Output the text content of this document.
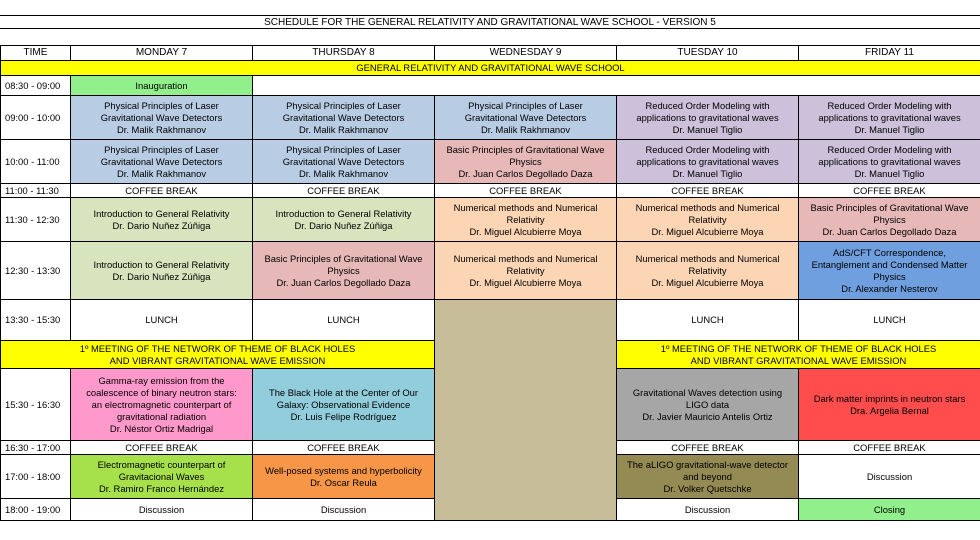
SCHEDULE FOR THE GENERAL RELATIVITY AND GRAVITATIONAL WAVE SCHOOL - VERSION 5
TIME	MONDAY 7	THURSDAY 8	WEDNESDAY 9	TUESDAY 10	FRIDAY 11
GENERAL RELATIVITY AND GRAVITATIONAL WAVE SCHOOL					
08:30 - 09:00	Inauguration				

09:00 - 10:00	Physical Principles of Laser
Gravitational Wave Detectors
Dr. Malik Rakhmanov	Physical Principles of Laser
Gravitational Wave Detectors
Dr. Malik Rakhmanov	Physical Principles of Laser
Gravitational Wave Detectors
Dr. Malik Rakhmanov	Reduced Order Modeling with
applications to gravitational waves
Dr. Manuel Tiglio	Reduced Order Modeling with
applications to gravitational waves
Dr. Manuel Tiglio

10:00 - 11:00	Physical Principles of Laser
Gravitational Wave Detectors
Dr. Malik Rakhmanov	Physical Principles of Laser
Gravitational Wave Detectors
Dr. Malik Rakhmanov	Basic Principles of Gravitational Wave
Physics
Dr. Juan Carlos Degollado Daza	Reduced Order Modeling with
applications to gravitational waves
Dr. Manuel Tiglio	Reduced Order Modeling with
applications to gravitational waves
Dr. Manuel Tiglio

11:00 - 11:30	COFFEE BREAK	COFFEE BREAK	COFFEE BREAK	COFFEE BREAK	COFFEE BREAK
11:30 - 12:30	Introduction to General Relativity
Dr. Dario Nuñez Zúñiga	Introduction to General Relativity
Dr. Dario Nuñez Zúñiga	Numerical methods and Numerical
Relativity
Dr. Miguel Alcubierre Moya	Numerical methods and Numerical
Relativity
Dr. Miguel Alcubierre Moya	Basic Principles of Gravitational Wave
Physics
Dr. Juan Carlos Degollado Daza

12:30 - 13:30	Introduction to General Relativity
Dr. Dario Nuñez Zúñiga	Basic Principles of Gravitational Wave
Physics
Dr. Juan Carlos Degollado Daza	Numerical methods and Numerical
Relativity
Dr. Miguel Alcubierre Moya	Numerical methods and Numerical
Relativity
Dr. Miguel Alcubierre Moya	AdS/CFT Correspondence,
Entanglement and Condensed Matter
Physics
Dr. Alexander Nesterov

13:30 - 15:30	LUNCH	LUNCH		LUNCH	LUNCH

1º MEETING OF THE NETWORK OF THEME OF BLACK HOLES
AND VIBRANT GRAVITATIONAL WAVE EMISSION				1º MEETING OF THE NETWORK OF THEME OF BLACK HOLES
AND VIBRANT GRAVITATIONAL WAVE EMISSION	

15:30 - 16:30	Gamma-ray emission from the
coalescence of binary neutron stars:
an electromagnetic counterpart of
gravitational radiation
Dr. Néstor Ortiz Madrigal	The Black Hole at the Center of Our
Galaxy: Observational Evidence
Dr. Luis Felipe Rodríguez		Gravitational Waves detection using
LIGO data
Dr. Javier Mauricio Antelis Ortiz	Dark matter imprints in neutron stars
Dra. Argelia Bernal

16:30 - 17:00	COFFEE BREAK	COFFEE BREAK		COFFEE BREAK	COFFEE BREAK
17:00 - 18:00	Electromagnetic counterpart of
Gravitacional Waves
Dr. Ramiro Franco Hernández	Well-posed systems and hyperbolicity
Dr. Oscar Reula		The aLIGO gravitational-wave detector
and beyond
Dr. Volker Quetschke	Discussion
18:00 - 19:00	Discussion	Discussion		Discussion	Closing
